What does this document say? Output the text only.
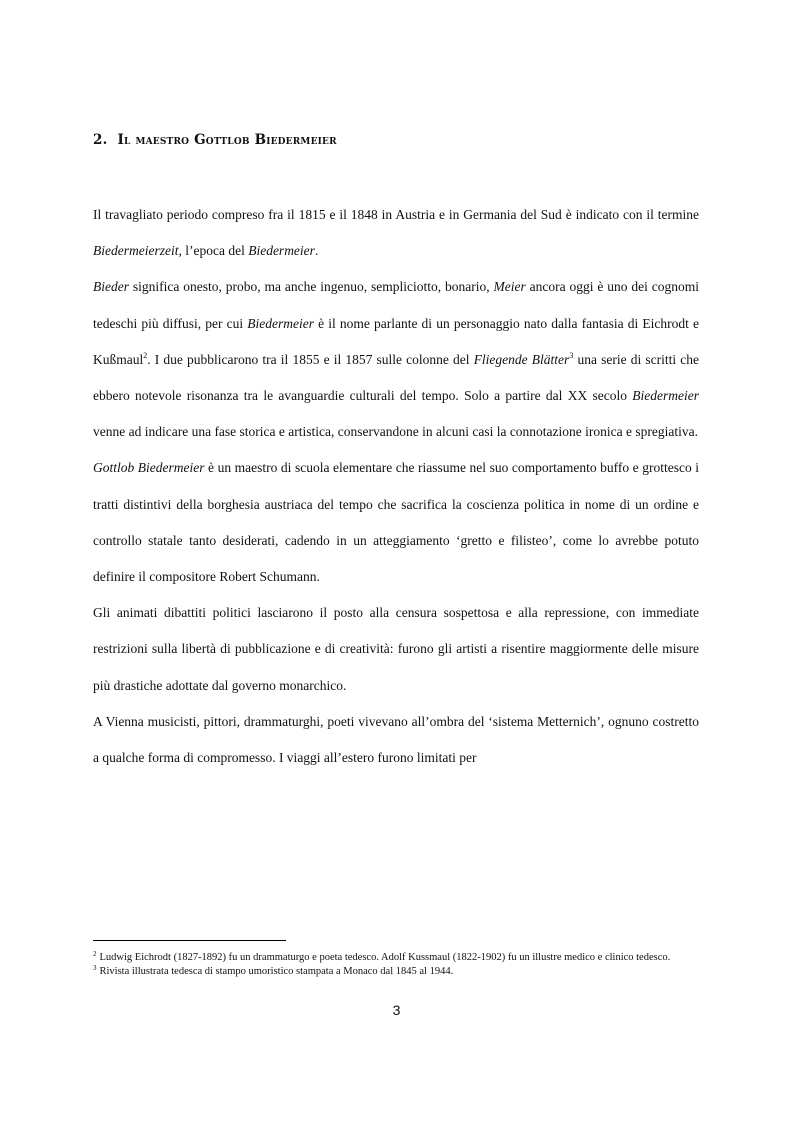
2. Il maestro Gottlob Biedermeier

Il travagliato periodo compreso fra il 1815 e il 1848 in Austria e in Germania del Sud è indicato con il termine Biedermeierzeit, l’epoca del Biedermeier.

Bieder significa onesto, probo, ma anche ingenuo, sempliciotto, bonario, Meier ancora oggi è uno dei cognomi tedeschi più diffusi, per cui Biedermeier è il nome parlante di un personaggio nato dalla fantasia di Eichrodt e Kußmaul$^2$. I due pubblicarono tra il 1855 e il 1857 sulle colonne del Fliegende Blätter$^3$ una serie di scritti che ebbero notevole risonanza tra le avanguardie culturali del tempo. Solo a partire dal XX secolo Biedermeier venne ad indicare una fase storica e artistica, conservandone in alcuni casi la connotazione ironica e spregiativa.

Gottlob Biedermeier è un maestro di scuola elementare che riassume nel suo comportamento buffo e grottesco i tratti distintivi della borghesia austriaca del tempo che sacrifica la coscienza politica in nome di un ordine e controllo statale tanto desiderati, cadendo in un atteggiamento ‘gretto e filisteo’, come lo avrebbe potuto definire il compositore Robert Schumann.

Gli animati dibattiti politici lasciarono il posto alla censura sospettosa e alla repressione, con immediate restrizioni sulla libertà di pubblicazione e di creatività: furono gli artisti a risentire maggiormente delle misure più drastiche adottate dal governo monarchico.

A Vienna musicisti, pittori, drammaturghi, poeti vivevano all’ombra del ‘sistema Metternich’, ognuno costretto a qualche forma di compromesso. I viaggi all’estero furono limitati per

$^2$ Ludwig Eichrodt (1827-1892) fu un drammaturgo e poeta tedesco. Adolf Kussmaul (1822-1902) fu un illustre medico e clinico tedesco.

$^3$ Rivista illustrata tedesca di stampo umoristico stampata a Monaco dal 1845 al 1944.

3
